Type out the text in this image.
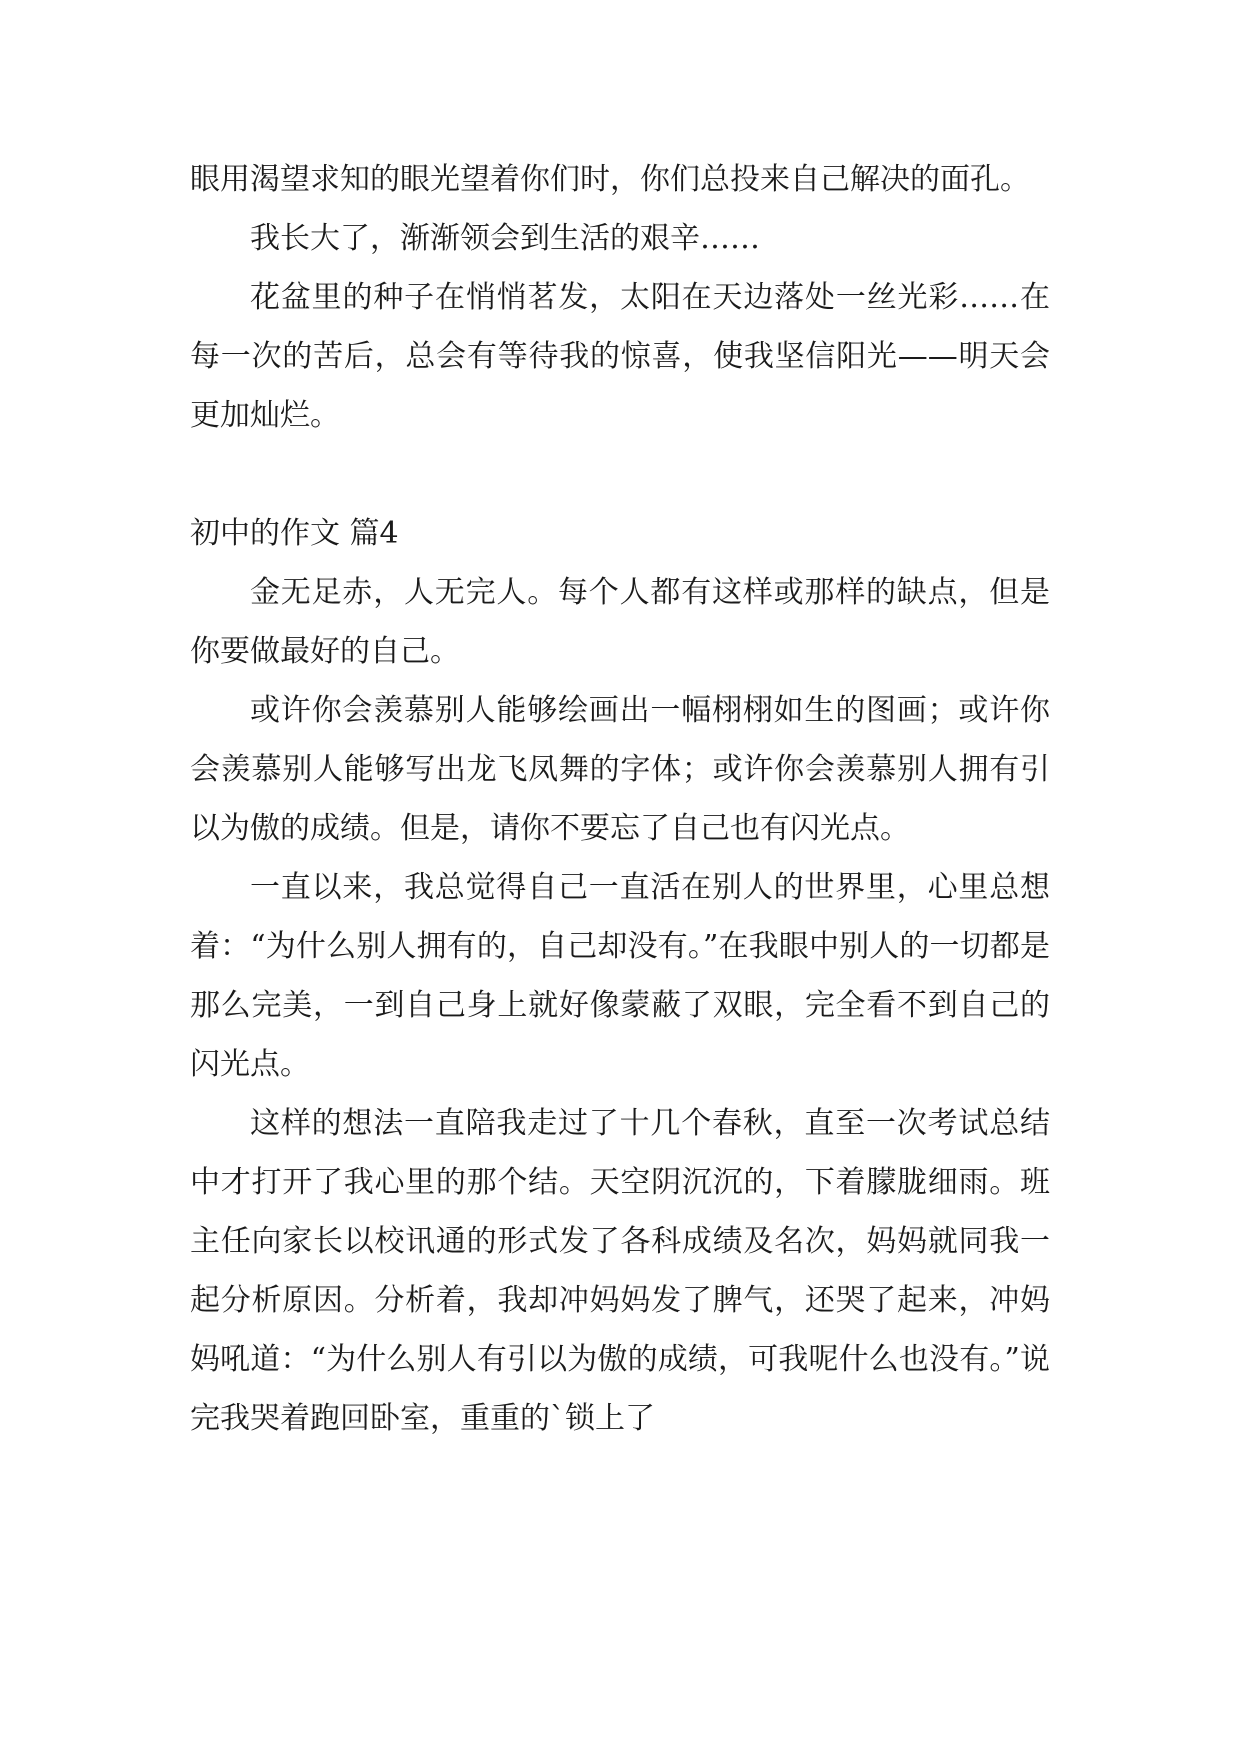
眼用渴望求知的眼光望着你们时，你们总投来自己解决的面孔。

我长大了，渐渐领会到生活的艰辛……

花盆里的种子在悄悄茗发，太阳在天边落处一丝光彩……在每一次的苦后，总会有等待我的惊喜，使我坚信阳光——明天会更加灿烂。

初中的作文 篇4

金无足赤，人无完人。每个人都有这样或那样的缺点，但是你要做最好的自己。

或许你会羡慕别人能够绘画出一幅栩栩如生的图画；或许你会羡慕别人能够写出龙飞凤舞的字体；或许你会羡慕别人拥有引以为傲的成绩。但是，请你不要忘了自己也有闪光点。

一直以来，我总觉得自己一直活在别人的世界里，心里总想着：“为什么别人拥有的，自己却没有。”在我眼中别人的一切都是那么完美，一到自己身上就好像蒙蔽了双眼，完全看不到自己的闪光点。

这样的想法一直陪我走过了十几个春秋，直至一次考试总结中才打开了我心里的那个结。天空阴沉沉的，下着朦胧细雨。班主任向家长以校讯通的形式发了各科成绩及名次，妈妈就同我一起分析原因。分析着，我却冲妈妈发了脾气，还哭了起来，冲妈妈吼道：“为什么别人有引以为傲的成绩，可我呢什么也没有。”说完我哭着跑回卧室，重重的`锁上了
